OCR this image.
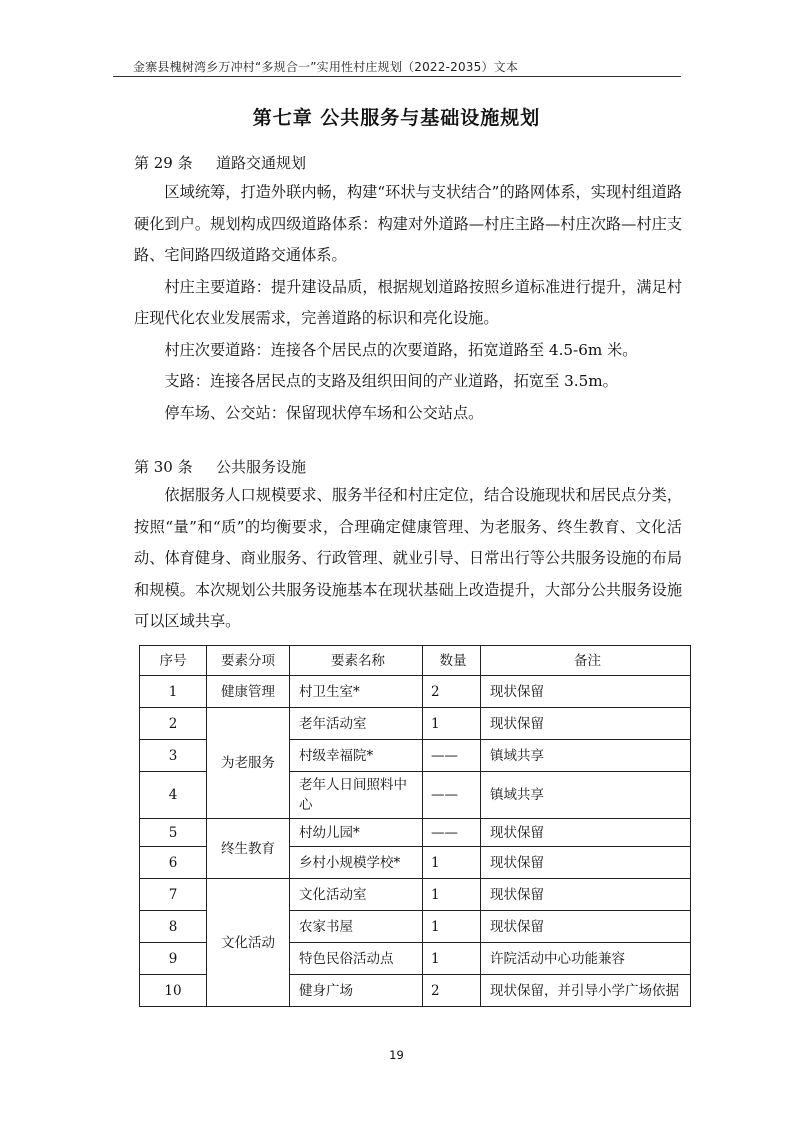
金寨县槐树湾乡万冲村“多规合一”实用性村庄规划（2022-2035）文本
第七章 公共服务与基础设施规划
第 29 条 道路交通规划

区域统筹，打造外联内畅，构建“环状与支状结合”的路网体系，实现村组道路硬化到户。规划构成四级道路体系：构建对外道路—村庄主路—村庄次路—村庄支路、宅间路四级道路交通体系。

村庄主要道路：提升建设品质，根据规划道路按照乡道标准进行提升，满足村庄现代化农业发展需求，完善道路的标识和亮化设施。

村庄次要道路：连接各个居民点的次要道路，拓宽道路至 4.5-6m 米。

支路：连接各居民点的支路及组织田间的产业道路，拓宽至 3.5m。

停车场、公交站：保留现状停车场和公交站点。

第 30 条 公共服务设施

依据服务人口规模要求、服务半径和村庄定位，结合设施现状和居民点分类，按照“量”和“质”的均衡要求，合理确定健康管理、为老服务、终生教育、文化活动、体育健身、商业服务、行政管理、就业引导、日常出行等公共服务设施的布局和规模。本次规划公共服务设施基本在现状基础上改造提升，大部分公共服务设施可以区域共享。

序号	要素分项	要素名称	数量	备注
1	健康管理	村卫生室*	2	现状保留
2	为老服务	老年活动室	1	现状保留
3		村级幸福院*	——	镇域共享
4		老年人日间照料中心	——	镇域共享
5	终生教育	村幼儿园*	——	现状保留
6		乡村小规模学校*	1	现状保留
7	文化活动	文化活动室	1	现状保留
8		农家书屋	1	现状保留
9		特色民俗活动点	1	许院活动中心功能兼容
10		健身广场	2	现状保留，并引导小学广场依据
19
